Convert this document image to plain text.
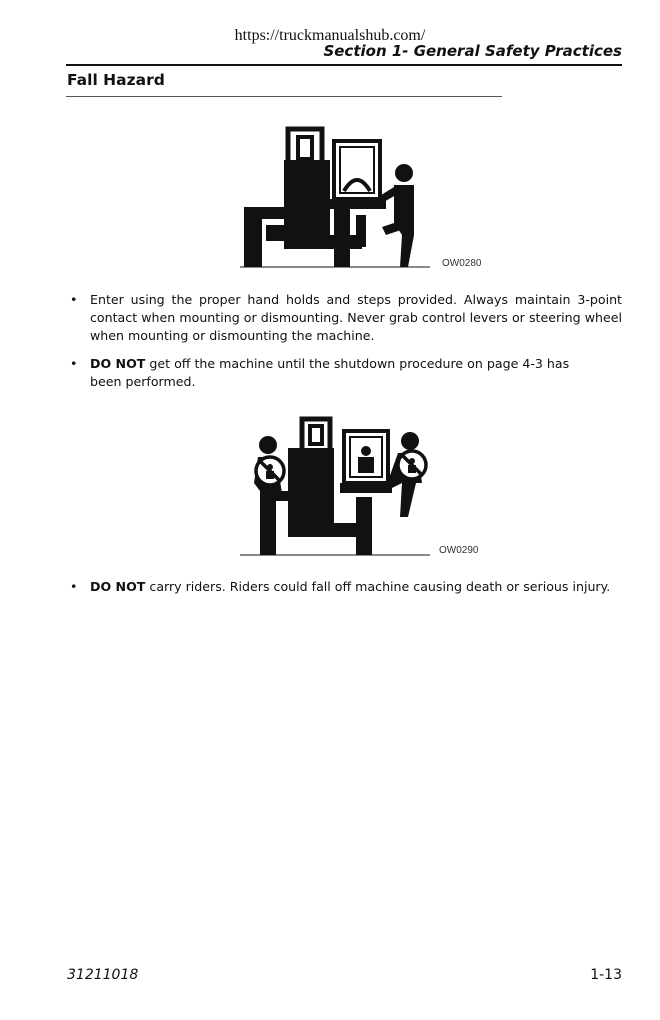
https://truckmanualshub.com/
Section 1- General Safety Practices
Fall Hazard
OW0280
• Enter using the proper hand holds and steps provided. Always maintain 3-point contact when mounting or dismounting. Never grab control levers or steering wheel when mounting or dismounting the machine.
• DO NOT get off the machine until the shutdown procedure on page 4-3 has been performed.
OW0290
• DO NOT carry riders. Riders could fall off machine causing death or serious injury.
31211018	1-13
